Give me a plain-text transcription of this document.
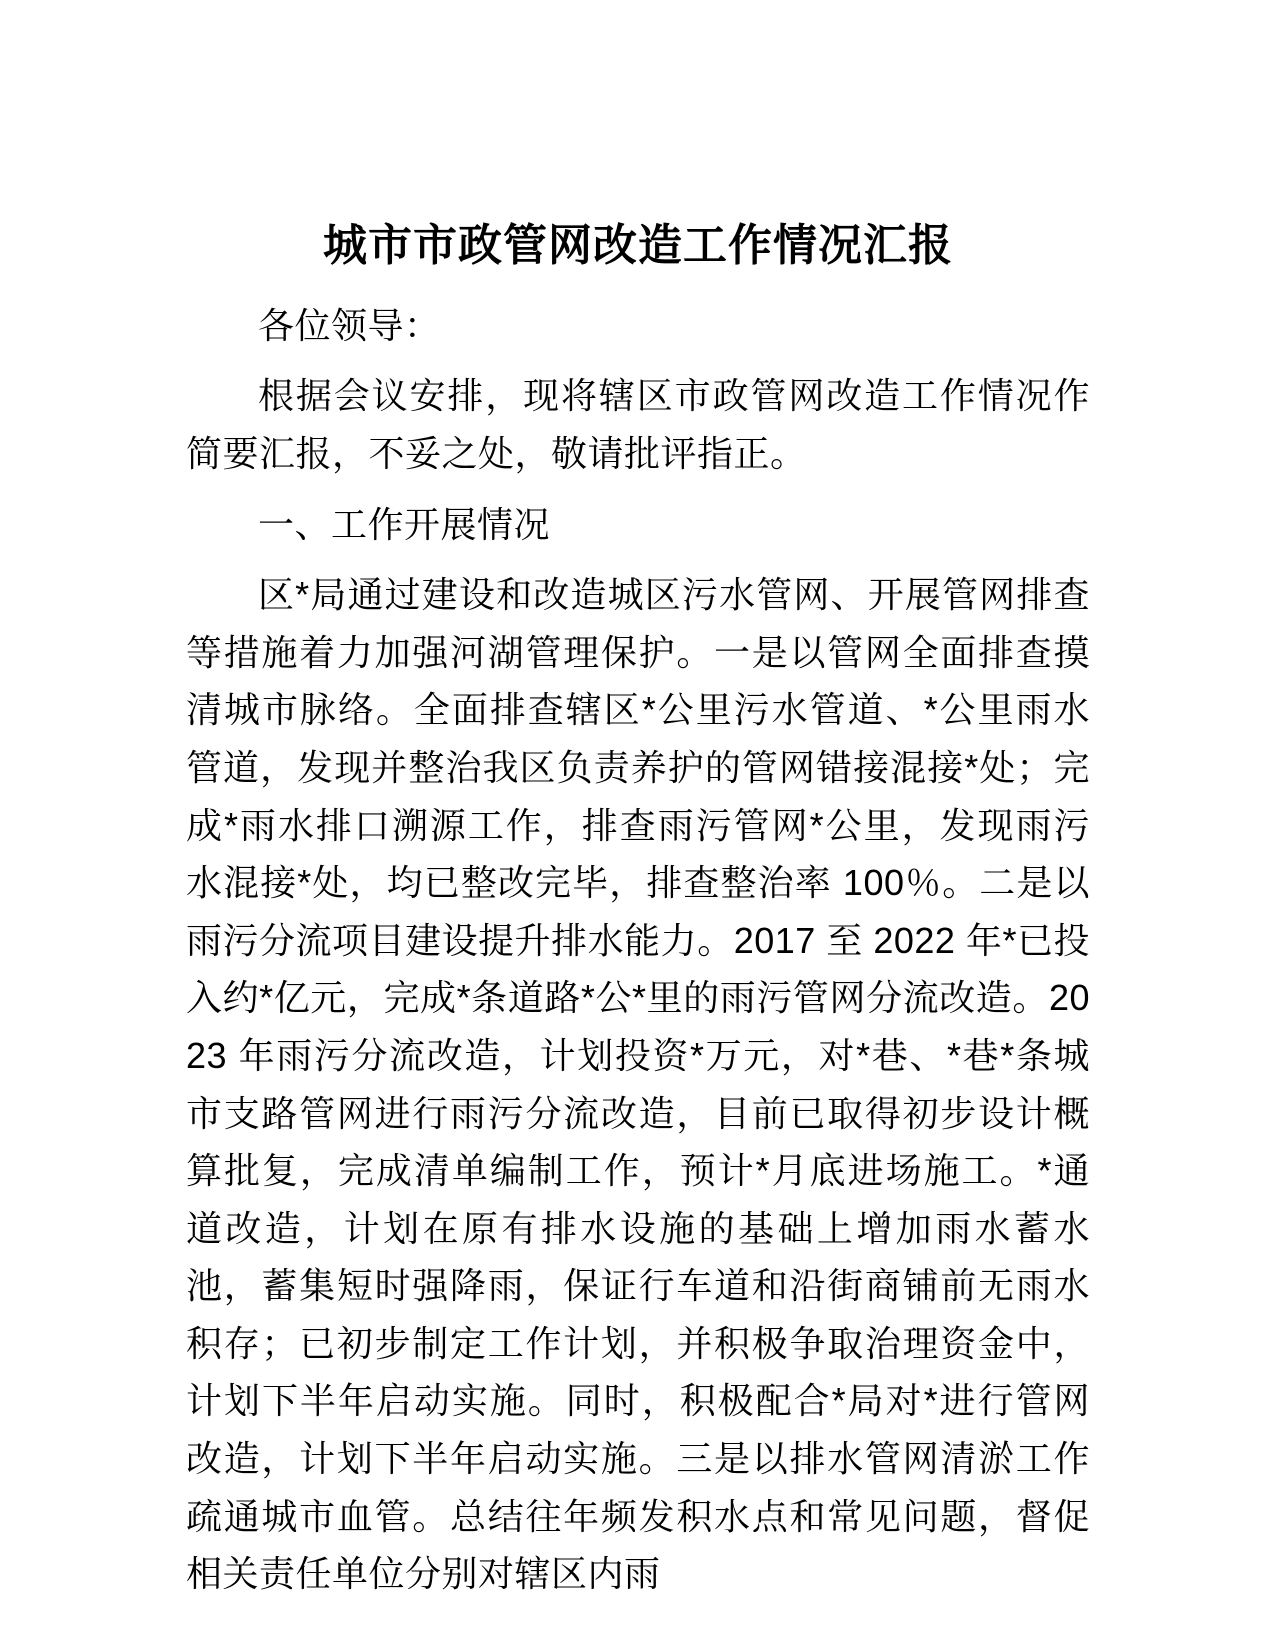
城市市政管网改造工作情况汇报

各位领导：

根据会议安排，现将辖区市政管网改造工作情况作简要汇报，不妥之处，敬请批评指正。

一、工作开展情况

区*局通过建设和改造城区污水管网、开展管网排查等措施着力加强河湖管理保护。一是以管网全面排查摸清城市脉络。全面排查辖区*公里污水管道、*公里雨水管道，发现并整治我区负责养护的管网错接混接*处；完成*雨水排口溯源工作，排查雨污管网*公里，发现雨污水混接*处，均已整改完毕，排查整治率 100％。二是以雨污分流项目建设提升排水能力。2017 至 2022 年*已投入约*亿元，完成*条道路*公*里的雨污管网分流改造。2023 年雨污分流改造，计划投资*万元，对*巷、*巷*条城市支路管网进行雨污分流改造，目前已取得初步设计概算批复，完成清单编制工作，预计*月底进场施工。*通道改造，计划在原有排水设施的基础上增加雨水蓄水池，蓄集短时强降雨，保证行车道和沿街商铺前无雨水积存；已初步制定工作计划，并积极争取治理资金中，计划下半年启动实施。同时，积极配合*局对*进行管网改造，计划下半年启动实施。三是以排水管网清淤工作疏通城市血管。总结往年频发积水点和常见问题，督促相关责任单位分别对辖区内雨
